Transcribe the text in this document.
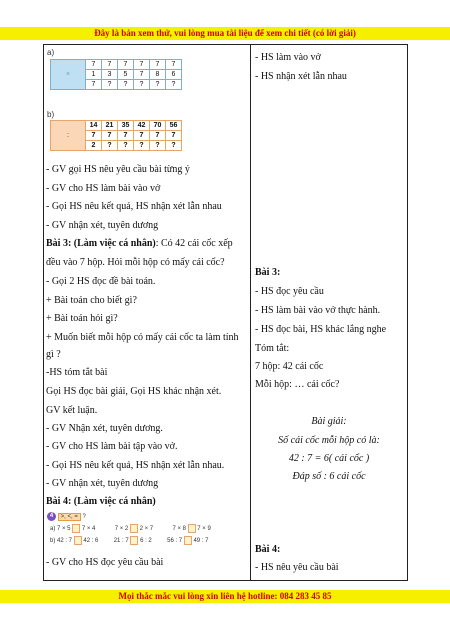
Đây là bản xem thử, vui lòng mua tài liệu để xem chi tiết (có lời giải)
a)
×	7	7	7	7	7	7
	1	3	5	7	8	6
	7	?	?	?	?	?
b)
:	14	21	35	42	70	56
	7	7	7	7	7	7
	2	?	?	?	?	?
- GV gọi HS nêu yêu cầu bài từng ý
- GV cho HS làm bài vào vở
- Gọi HS nêu kết quả, HS nhận xét lẫn nhau
- GV nhận xét, tuyên dương
Bài 3: (Làm việc cá nhân): Có 42 cái cốc xếp
đều vào 7 hộp. Hỏi mỗi hộp có mấy cái cốc?
- Gọi 2 HS đọc đề bài toán.
+ Bài toán cho biết gì?
+ Bài toán hỏi gì?
+ Muốn biết mỗi hộp có mấy cái cốc ta làm tính
gì ?
-HS tóm tắt bài
Gọi HS đọc bài giải, Gọi HS khác nhận xét.
GV kết luận.
- GV Nhận xét, tuyên dương.
- GV cho HS làm bài tập vào vở.
- Gọi HS nêu kết quả, HS nhận xét lẫn nhau.
- GV nhận xét, tuyên dương
Bài 4: (Làm việc cá nhân)
- GV cho HS đọc yêu cầu bài
4 >, <, = ?
a) 7 × 5 7 × 4	7 × 2 2 × 7	7 × 8 7 × 9
b) 42 : 7 42 : 6	21 : 7 6 : 2	56 : 7 49 : 7
- HS làm vào vở
- HS nhận xét lẫn nhau
Bài 3:
- HS đọc yêu cầu
- HS làm bài vào vở thực hành.
- HS đọc bài, HS khác lắng nghe
Tóm tắt:
7 hộp: 42 cái cốc
Mỗi hộp: … cái cốc?
Bài giải:
Số cái cốc mỗi hộp có là:
42 : 7 = 6( cái cốc )
Đáp số : 6 cái cốc
Bài 4:
- HS nêu yêu cầu bài
Mọi thắc mắc vui lòng xin liên hệ hotline: 084 283 45 85
